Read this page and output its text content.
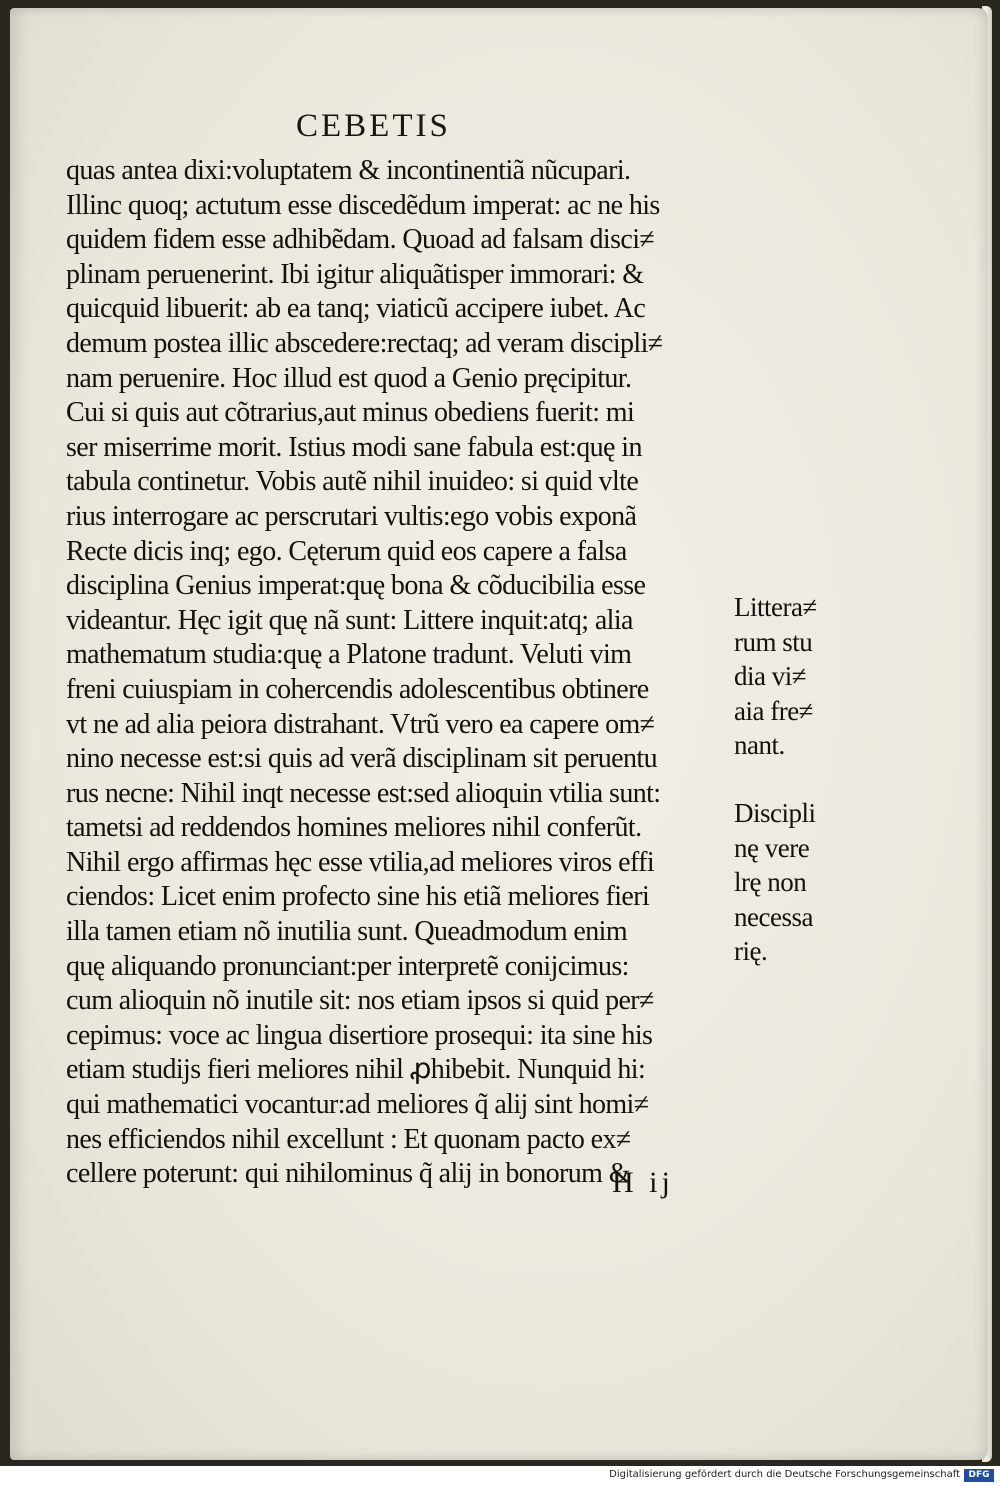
CEBETIS
quas antea dixi:voluptatem & incontinentiã nũcupari.
Illinc quoq; actutum esse discedẽdum imperat: ac ne his
quidem fidem esse adhibẽdam. Quoad ad falsam disci≠
plinam peruenerint. Ibi igitur aliquãtisper immorari: &
quicquid libuerit: ab ea tanq; viaticũ accipere iubet. Ac
demum postea illic abscedere:rectaq; ad veram discipli≠
nam peruenire. Hoc illud est quod a Genio pręcipitur.
Cui si quis aut cõtrarius,aut minus obediens fuerit: mi
ser miserrime morit. Istius modi sane fabula est:quę in
tabula continetur. Vobis autẽ nihil inuideo: si quid vlte
rius interrogare ac perscrutari vultis:ego vobis exponã
Recte dicis inq; ego. Cęterum quid eos capere a falsa
disciplina Genius imperat:quę bona & cõducibilia esse
videantur. Hęc igit quę nã sunt: Littere inquit:atq; alia
mathematum studia:quę a Platone tradunt. Veluti vim
freni cuiuspiam in cohercendis adolescentibus obtinere
vt ne ad alia peiora distrahant. Vtrũ vero ea capere om≠
nino necesse est:si quis ad verã disciplinam sit peruentu
rus necne: Nihil inqt necesse est:sed alioquin vtilia sunt:
tametsi ad reddendos homines meliores nihil conferũt.
Nihil ergo affirmas hęc esse vtilia,ad meliores viros effi
ciendos: Licet enim profecto sine his etiã meliores fieri
illa tamen etiam nõ inutilia sunt. Queadmodum enim
quę aliquando pronunciant:per interpretẽ conijcimus:
cum alioquin nõ inutile sit: nos etiam ipsos si quid per≠
cepimus: voce ac lingua disertiore prosequi: ita sine his
etiam studijs fieri meliores nihil ꝓhibebit. Nunquid hi:
qui mathematici vocantur:ad meliores q̃ alij sint homi≠
nes efficiendos nihil excellunt : Et quonam pacto ex≠
cellere poterunt: qui nihilominus q̃ alij in bonorum &
Littera≠
rum stu
dia vi≠
aia fre≠
nant.
Discipli
nę vere
lrę non
necessa
rię.
H ij
Digitalisierung gefördert durch die Deutsche Forschungsgemeinschaft DFG
